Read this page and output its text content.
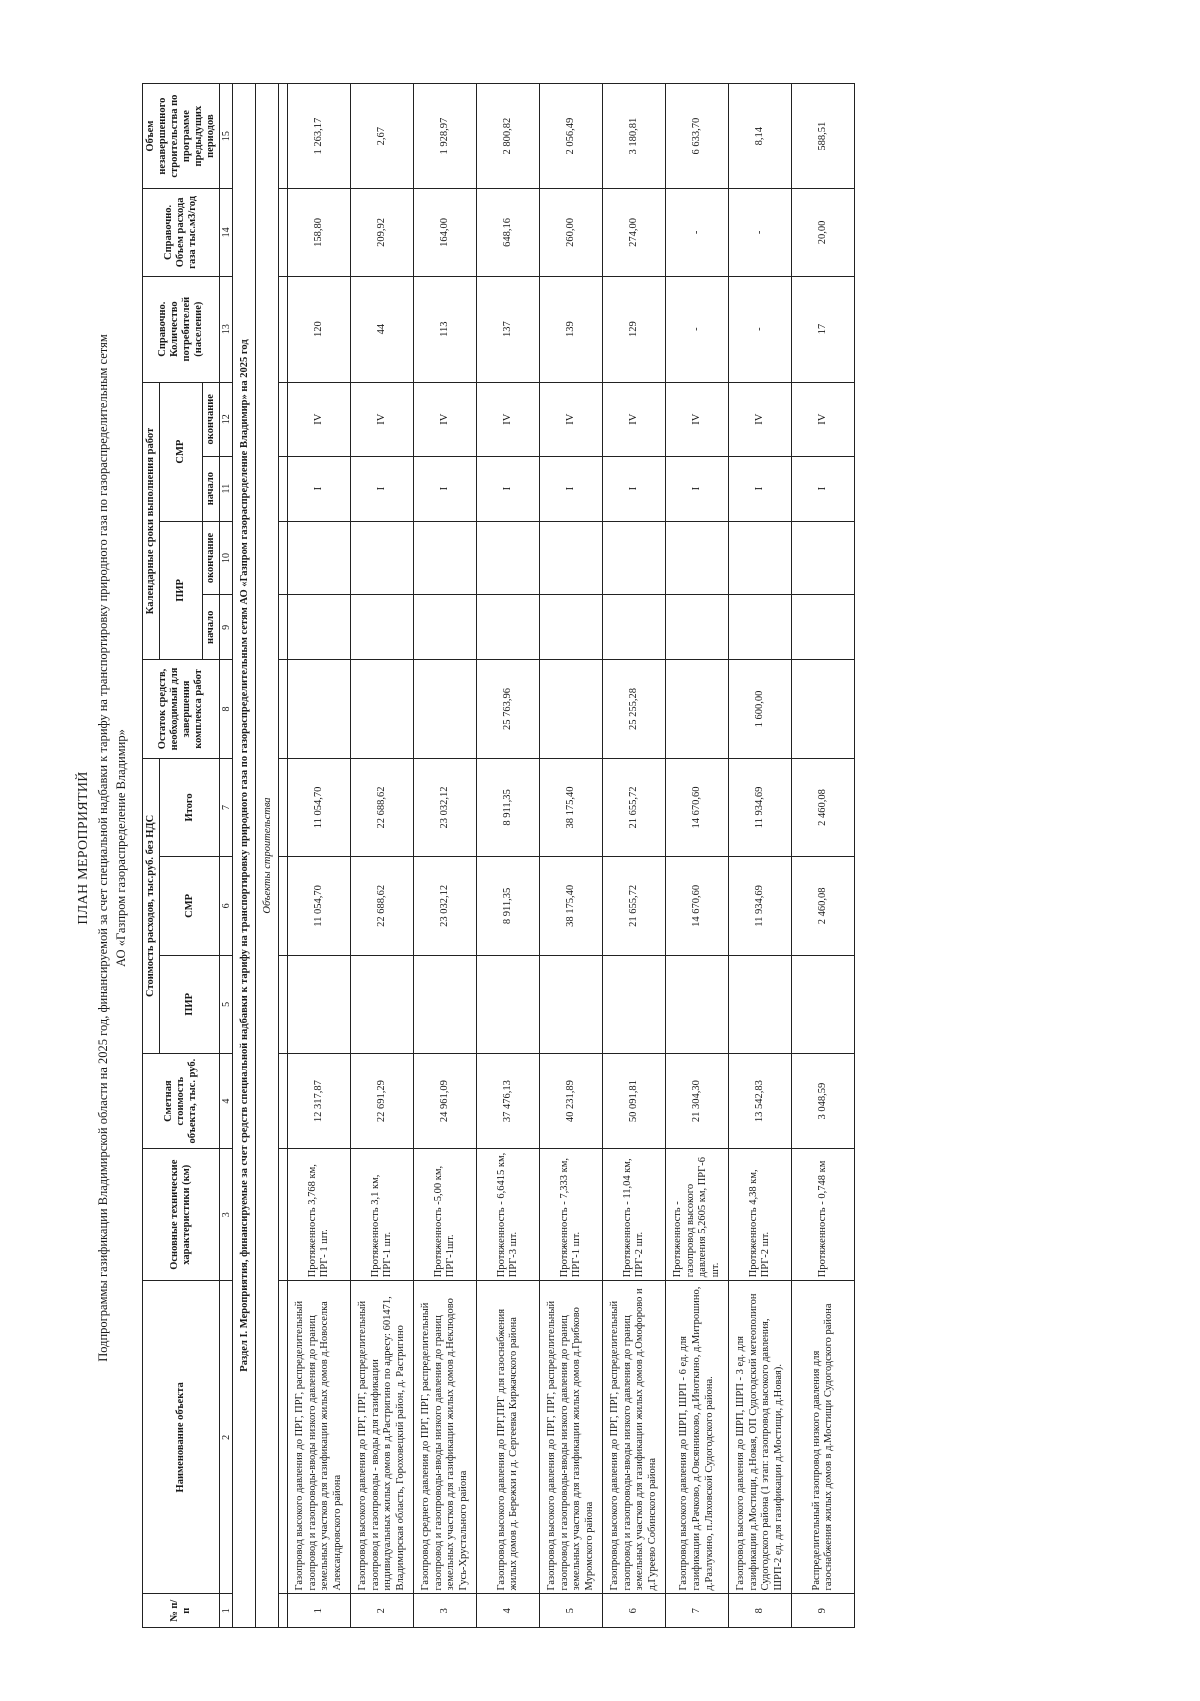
ПЛАН МЕРОПРИЯТИЙ Подпрограммы газификации Владимирской области на 2025 год, финансируемой за счет специальной надбавки к тарифу на транспортировку природного газа по газораспределительным сетям АО «Газпром газораспределение Владимир»
№ п/п	Наименование объекта	Основные технические характеристики (км)	Сметная стоимость объекта, тыс. руб.	Стоимость расходов, тыс.руб. без НДС			Остаток средств, необходимый для завершения комплекса работ	Календарные сроки выполнения работ				Справочно. Количество потребителей (население)	Справочно. Объем расхода газа тыс.м3/год	Объем незавершенного строительства по программе предыдущих периодов
				ПИР	СМР	Итого		ПИР		СМР				
								начало	окончание	начало	окончание			
1	2	3	4	5	6	7	8	9	10	11	12	13	14	15
Раздел I. Мероприятия, финансируемые за счет средств специальной надбавки к тарифу на транспортировку природного газа по газораспределительным сетям АО «Газпром газораспределение Владимир» на 2025 год														
Объекты строительства														

1	Газопровод высокого давления до ПРГ, ПРГ, распределительный газопровод и газопроводы-вводы низкого давления до границ земельных участков для газификации жилых домов д.Новоселка Александровского района	Протяженность 3,768 км, ПРГ- 1 шт.	12 317,87		11 054,70	11 054,70				I	IV	120	158,80	1 263,17
2	Газопровод высокого давления до ПРГ, ПРГ, распределительный газопровод и газопроводы - вводы для газификации индивидуальных жилых домов в д.Растригино по адресу: 601471, Владимирская область, Гороховецкий район, д. Растригино	Протяженность 3,1 км, ПРГ-1 шт.	22 691,29		22 688,62	22 688,62				I	IV	44	209,92	2,67
3	Газопровод среднего давления до ПРГ, ПРГ, распределительный газопровод и газопроводы-вводы низкого давления до границ земельных участков для газификации жилых домов д.Неклюдово Гусь-Хрустального района	Протяженность -5,00 км, ПРГ-1шт.	24 961,09		23 032,12	23 032,12				I	IV	113	164,00	1 928,97
4	Газопровод высокого давления до ПРГ,ПРГ для газоснабжения жилых домов д. Бережки и д. Сергеевка Киржачского района	Протяженность - 6,6415 км, ПРГ-3 шт.	37 476,13		8 911,35	8 911,35	25 763,96			I	IV	137	648,16	2 800,82
5	Газопровод высокого давления до ПРГ, ПРГ, распределительный газопровод и газопроводы-вводы низкого давления до границ земельных участков для газификации жилых домов д.Грибково Муромского района	Протяженность - 7,333 км, ПРГ-1 шт.	40 231,89		38 175,40	38 175,40				I	IV	139	260,00	2 056,49
6	Газопровод высокого давления до ПРГ, ПРГ, распределительный газопровод и газопроводы-вводы низкого давления до границ земельных участков для газификации жилых домов д.Омофорово и д.Гуреево Собинского района	Протяженность - 11,04 км, ПРГ-2 шт.	50 091,81		21 655,72	21 655,72	25 255,28			I	IV	129	274,00	3 180,81
7	Газопровод высокого давления до ШРП, ШРП - 6 ед. для газификации д.Рачково, д.Овсянниково, д.Иноткино, д.Митрошино, д.Разлукино, п.Ляховской Судогодского района.	Протяженность - газопровод высокого давления 5,2605 км, ПРГ-6 шт.	21 304,30		14 670,60	14 670,60				I	IV	-	-	6 633,70
8	Газопровод высокого давления до ШРП, ШРП - 3 ед. для газификации д.Мостищи, д.Новая, ОП Судогодский метеополигон Судогодского района (1 этап: газопровод высокого давления, ШРП-2 ед. для газификации д.Мостищи, д.Новая).	Протяженность 4,38 км, ПРГ-2 шт.	13 542,83		11 934,69	11 934,69	1 600,00			I	IV	-	-	8,14
9	Распределительный газопровод низкого давления для газоснабжения жилых домов в д.Мостищи Судогодского района	Протяженность - 0,748 км	3 048,59		2 460,08	2 460,08				I	IV	17	20,00	588,51
